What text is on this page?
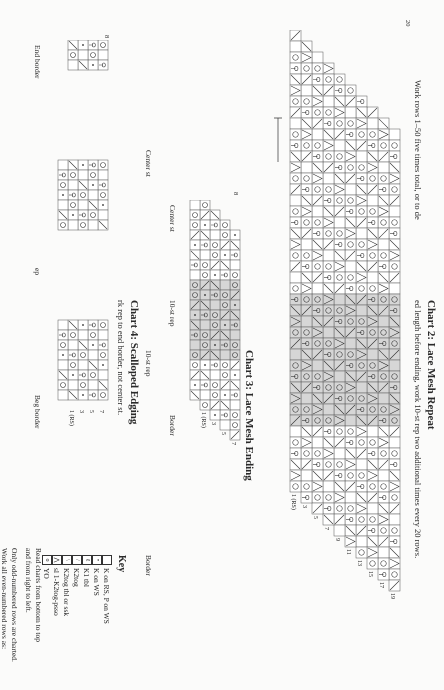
Chart 2: Lace Mesh Repeat
ed length before ending, work 10-st rep two additional times every 20 rows.
Work rows 1–50 five times total, or to de
20
19
17
15
13
11
9
7
5
3
1 (RS)
Center st
10-st rep
Border
Chart 3: Lace Mesh Ending
8
Center st
10-st rep
Border
Chart 4: Scalloped Edging
rk rep to end border, not center st.
8
End border
ep
Beg border
Key
K on RS, P on WS
•
K on WS
ℓ
K1 tbl
/
K2tog
\
K2tog tbl or ssk
⋀
sl 1-K2tog-psso
o
YO
Read charts from bottom to top
and from right to left.
Only odd-numbered rows are charted.
Work all even-numbered rows as:
7
5
3
1 (RS)
7
5
3
1 (RS)
